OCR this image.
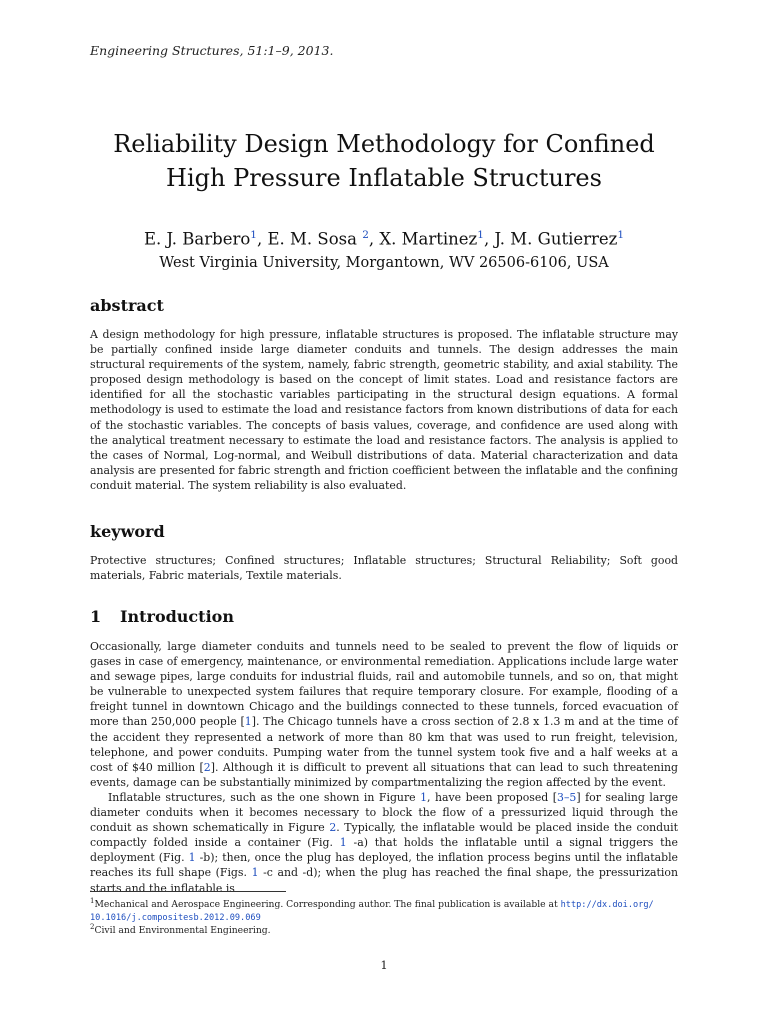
Engineering Structures, 51:1–9, 2013.
Reliability Design Methodology for Confined
High Pressure Inflatable Structures
E. J. Barbero$^1$, E. M. Sosa $^2$, X. Martinez$^1$, J. M. Gutierrez$^1$
West Virginia University, Morgantown, WV 26506-6106, USA
abstract
A design methodology for high pressure, inflatable structures is proposed. The inflatable structure may be partially confined inside large diameter conduits and tunnels. The design addresses the main structural requirements of the system, namely, fabric strength, geometric stability, and axial stability. The proposed design methodology is based on the concept of limit states. Load and resistance factors are identified for all the stochastic variables participating in the structural design equations. A formal methodology is used to estimate the load and resistance factors from known distributions of data for each of the stochastic variables. The concepts of basis values, coverage, and confidence are used along with the analytical treatment necessary to estimate the load and resistance factors. The analysis is applied to the cases of Normal, Log-normal, and Weibull distributions of data. Material characterization and data analysis are presented for fabric strength and friction coefficient between the inflatable and the confining conduit material. The system reliability is also evaluated.
keyword
Protective structures; Confined structures; Inflatable structures; Structural Reliability; Soft good materials, Fabric materials, Textile materials.
1 Introduction
Occasionally, large diameter conduits and tunnels need to be sealed to prevent the flow of liquids or gases in case of emergency, maintenance, or environmental remediation. Applications include large water and sewage pipes, large conduits for industrial fluids, rail and automobile tunnels, and so on, that might be vulnerable to unexpected system failures that require temporary closure. For example, flooding of a freight tunnel in downtown Chicago and the buildings connected to these tunnels, forced evacuation of more than 250,000 people [1]. The Chicago tunnels have a cross section of 2.8 x 1.3 m and at the time of the accident they represented a network of more than 80 km that was used to run freight, television, telephone, and power conduits. Pumping water from the tunnel system took five and a half weeks at a cost of $40 million [2]. Although it is difficult to prevent all situations that can lead to such threatening events, damage can be substantially minimized by compartmentalizing the region affected by the event.
Inflatable structures, such as the one shown in Figure 1, have been proposed [3–5] for sealing large diameter conduits when it becomes necessary to block the flow of a pressurized liquid through the conduit as shown schematically in Figure 2. Typically, the inflatable would be placed inside the conduit compactly folded inside a container (Fig. 1 -a) that holds the inflatable until a signal triggers the deployment (Fig. 1 -b); then, once the plug has deployed, the inflation process begins until the inflatable reaches its full shape (Figs. 1 -c and -d); when the plug has reached the final shape, the pressurization starts and the inflatable is
$^1$Mechanical and Aerospace Engineering. Corresponding author. The final publication is available at http://dx.doi.org/
10.1016/j.compositesb.2012.09.069
$^2$Civil and Environmental Engineering.
1
